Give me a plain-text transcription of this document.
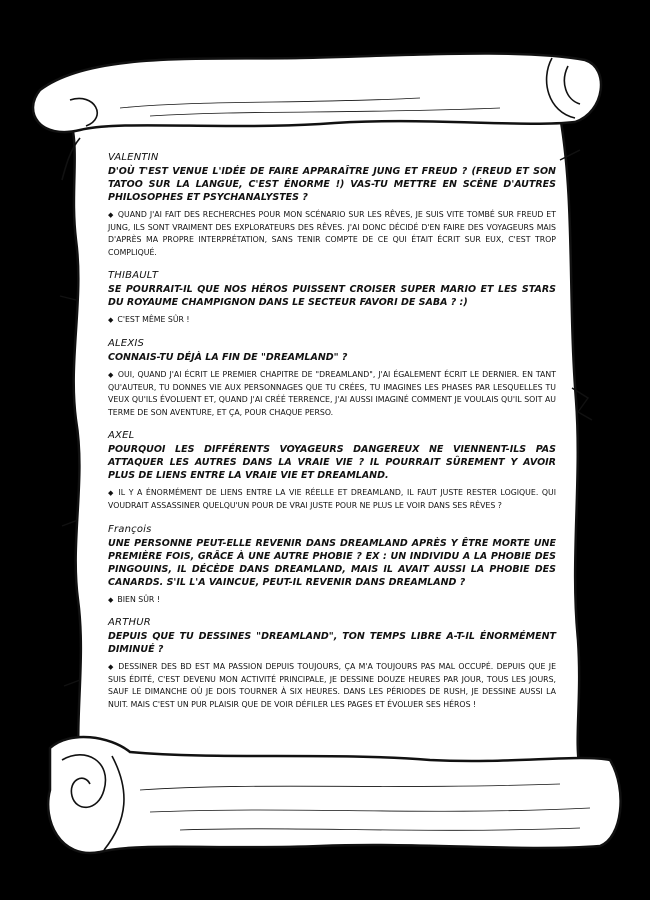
VALENTIN
D'OÙ T'EST VENUE L'IDÉE DE FAIRE APPARAÎTRE JUNG ET FREUD ? (FREUD ET SON TATOO SUR LA LANGUE, C'EST ÉNORME !) VAS-TU METTRE EN SCÈNE D'AUTRES PHILOSOPHES ET PSYCHANALYSTES ?
◆ QUAND J'AI FAIT DES RECHERCHES POUR MON SCÉNARIO SUR LES RÊVES, JE SUIS VITE TOMBÉ SUR FREUD ET JUNG, ILS SONT VRAIMENT DES EXPLORATEURS DES RÊVES. J'AI DONC DÉCIDÉ D'EN FAIRE DES VOYAGEURS MAIS D'APRÈS MA PROPRE INTERPRÉTATION, SANS TENIR COMPTE DE CE QUI ÉTAIT ÉCRIT SUR EUX, C'EST TROP COMPLIQUÉ.
THIBAULT
SE POURRAIT-IL QUE NOS HÉROS PUISSENT CROISER SUPER MARIO ET LES STARS DU ROYAUME CHAMPIGNON DANS LE SECTEUR FAVORI DE SABA ? :)
◆ C'EST MÊME SÛR !
ALEXIS
CONNAIS-TU DÉJÀ LA FIN DE "DREAMLAND" ?
◆ OUI, QUAND J'AI ÉCRIT LE PREMIER CHAPITRE DE "DREAMLAND", J'AI ÉGALEMENT ÉCRIT LE DERNIER. EN TANT QU'AUTEUR, TU DONNES VIE AUX PERSONNAGES QUE TU CRÉES, TU IMAGINES LES PHASES PAR LESQUELLES TU VEUX QU'ILS ÉVOLUENT ET, QUAND J'AI CRÉÉ TERRENCE, J'AI AUSSI IMAGINÉ COMMENT JE VOULAIS QU'IL SOIT AU TERME DE SON AVENTURE, ET ÇA, POUR CHAQUE PERSO.
AXEL
POURQUOI LES DIFFÉRENTS VOYAGEURS DANGEREUX NE VIENNENT-ILS PAS ATTAQUER LES AUTRES DANS LA VRAIE VIE ? IL POURRAIT SÛREMENT Y AVOIR PLUS DE LIENS ENTRE LA VRAIE VIE ET DREAMLAND.
◆ IL Y A ÉNORMÉMENT DE LIENS ENTRE LA VIE RÉELLE ET DREAMLAND, IL FAUT JUSTE RESTER LOGIQUE. QUI VOUDRAIT ASSASSINER QUELQU'UN POUR DE VRAI JUSTE POUR NE PLUS LE VOIR DANS SES RÊVES ?
François
UNE PERSONNE PEUT-ELLE REVENIR DANS DREAMLAND APRÈS Y ÊTRE MORTE UNE PREMIÈRE FOIS, GRÂCE À UNE AUTRE PHOBIE ? EX : UN INDIVIDU A LA PHOBIE DES PINGOUINS, IL DÉCÈDE DANS DREAMLAND, MAIS IL AVAIT AUSSI LA PHOBIE DES CANARDS. S'IL L'A VAINCUE, PEUT-IL REVENIR DANS DREAMLAND ?
◆ BIEN SÛR !
ARTHUR
DEPUIS QUE TU DESSINES "DREAMLAND", TON TEMPS LIBRE A-T-IL ÉNORMÉMENT DIMINUÉ ?
◆ DESSINER DES BD EST MA PASSION DEPUIS TOUJOURS, ÇA M'A TOUJOURS PAS MAL OCCUPÉ. DEPUIS QUE JE SUIS ÉDITÉ, C'EST DEVENU MON ACTIVITÉ PRINCIPALE, JE DESSINE DOUZE HEURES PAR JOUR, TOUS LES JOURS, SAUF LE DIMANCHE OÙ JE DOIS TOURNER À SIX HEURES. DANS LES PÉRIODES DE RUSH, JE DESSINE AUSSI LA NUIT. MAIS C'EST UN PUR PLAISIR QUE DE VOIR DÉFILER LES PAGES ET ÉVOLUER SES HÉROS !
